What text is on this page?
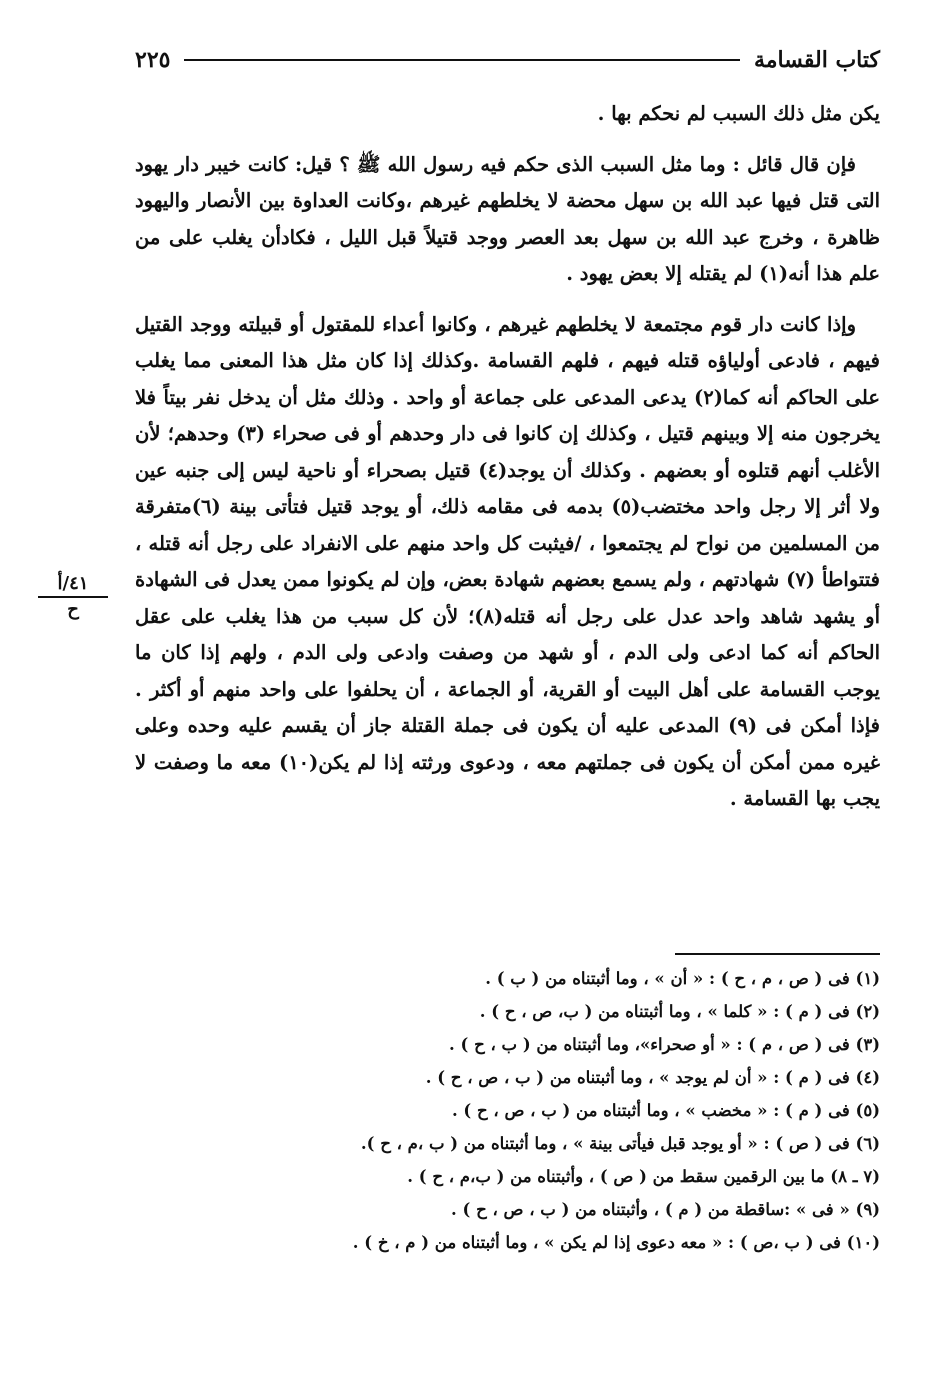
كتاب القسامة
٢٢٥

يكن مثل ذلك السبب لم نحكم بها .

فإن قال قائل : وما مثل السبب الذى حكم فيه رسول الله ﷺ ؟ قيل: كانت خيبر دار يهود التى قتل فيها عبد الله بن سهل محضة لا يخلطهم غيرهم ،وكانت العداوة بين الأنصار واليهود ظاهرة ، وخرج عبد الله بن سهل بعد العصر ووجد قتيلاً قبل الليل ، فكادأن يغلب على من علم هذا أنه(١) لم يقتله إلا بعض يهود .

وإذا كانت دار قوم مجتمعة لا يخلطهم غيرهم ، وكانوا أعداء للمقتول أو قبيلته ووجد القتيل فيهم ، فادعى أولياؤه قتله فيهم ، فلهم القسامة .وكذلك إذا كان مثل هذا المعنى مما يغلب على الحاكم أنه كما(٢) يدعى المدعى على جماعة أو واحد . وذلك مثل أن يدخل نفر بيتاً فلا يخرجون منه إلا وبينهم قتيل ، وكذلك إن كانوا فى دار وحدهم أو فى صحراء (٣) وحدهم؛ لأن الأغلب أنهم قتلوه أو بعضهم . وكذلك أن يوجد(٤) قتيل بصحراء أو ناحية ليس إلى جنبه عين ولا أثر إلا رجل واحد مختضب(٥) بدمه فى مقامه ذلك، أو يوجد قتيل فتأتى بينة (٦)متفرقة من المسلمين من نواح لم يجتمعوا ، /فيثبت كل واحد منهم على الانفراد على رجل أنه قتله ، فتتواطأ (٧) شهادتهم ، ولم يسمع بعضهم شهادة بعض، وإن لم يكونوا ممن يعدل فى الشهادة أو يشهد شاهد واحد عدل على رجل أنه قتله(٨)؛ لأن كل سبب من هذا يغلب على عقل الحاكم أنه كما ادعى ولى الدم ، أو شهد من وصفت وادعى ولى الدم ، ولهم إذا كان ما يوجب القسامة على أهل البيت أو القرية، أو الجماعة ، أن يحلفوا على واحد منهم أو أكثر . فإذا أمكن فى (٩) المدعى عليه أن يكون فى جملة القتلة جاز أن يقسم عليه وحده وعلى غيره ممن أمكن أن يكون فى جملتهم معه ، ودعوى ورثته إذا لم يكن(١٠) معه ما وصفت لا يجب بها القسامة .

٤١/أ
ح
(١) فى ( ص ، م ، ح ) : « أن » ، وما أثبتناه من ( ب ) .
(٢) فى ( م ) : « كلما » ، وما أثبتناه من ( ب، ص ، ح ) .
(٣) فى ( ص ، م ) : « أو صحراء»، وما أثبتناه من ( ب ، ح ) .
(٤) فى ( م ) : « أن لم يوجد » ، وما أثبتناه من ( ب ، ص ، ح ) .
(٥) فى ( م ) : « مخضب » ، وما أثبتناه من ( ب ، ص ، ح ) .
(٦) فى ( ص ) : « أو يوجد قبل فيأتى بينة » ، وما أثبتناه من ( ب ،م ، ح ).
(٧ ـ ٨) ما بين الرقمين سقط من ( ص ) ، وأثبتناه من ( ب،م ، ح ) .
(٩) « فى » :ساقطة من ( م ) ، وأثبتناه من ( ب ، ص ، ح ) .
(١٠) فى ( ب ،ص ) : « معه دعوى إذا لم يكن » ، وما أثبتناه من ( م ، خ ) .
